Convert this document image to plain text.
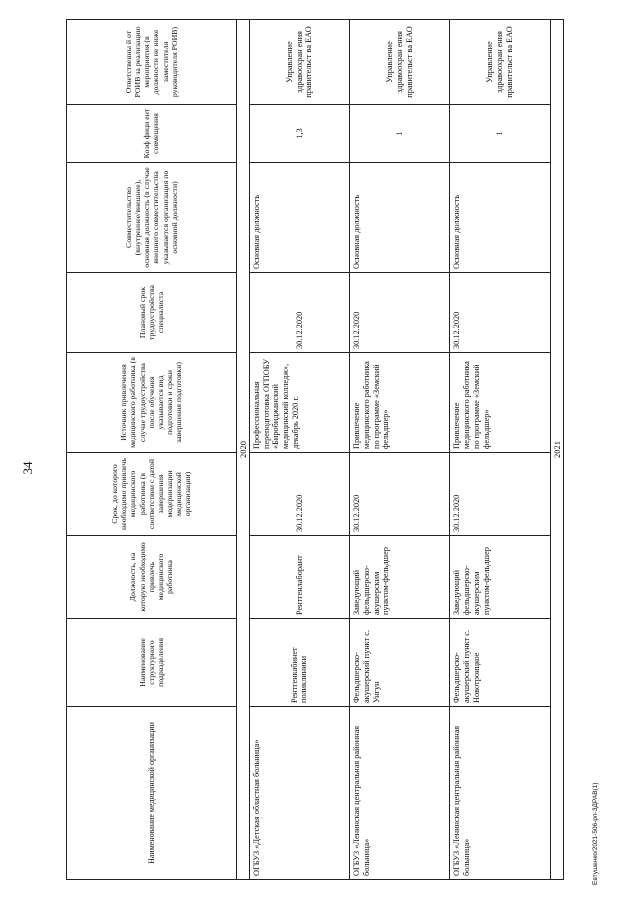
34
Наименование медицинской организации	Наименование структурного подразделения	Должность, на которую необходимо привлечь медицинского работника	Срок, до которого необходимо привлечь медицинского работника (в соответствии с датой завершения модернизации медицинской организации)	Источник привлечения медицинского работника (в случае трудоустройства после обучения указывается вид подготовки и сроки завершения подготовки)	Плановый срок трудоустройства специалиста	Совместительство (внутреннее/внешнее), основная должность (в случае внешнего совместительства указывается организация по основной должности)	Коэф фици ент совмещения	Ответственны й от РОИВ за реализацию мероприятия (в должности не ниже заместителя руководителя РОИВ)
2020								
ОГБУЗ «Детская областная больница»	Рентгенкабинет поликлиники	Рентгенлаборант	30.12.2020	Профессиональная переподготовка ОГПОБУ «Биробиджанский медицинский колледж», декабрь 2020 г.	30.12.2020	Основная должность	1,3	Управление здравоохран ения правительст ва ЕАО
ОГБУЗ «Ленинская центральная районная больница»	Фельдшерско-акушерский пункт с. Унгун	Заведующий фельдшерско-акушерским пунктом-фельдшер	30.12.2020	Привлечение медицинского работника по программе «Земский фельдшер»	30.12.2020	Основная должность	1	Управление здравоохран ения правительст ва ЕАО
ОГБУЗ «Ленинская центральная районная больница»	Фельдшерско-акушерский пункт с. Новотроицкое	Заведующий фельдшерско-акушерским пунктом-фельдшер	30.12.2020	Привлечение медицинского работника по программе «Земский фельдшер»	30.12.2020	Основная должность	1	Управление здравоохран ения правительст ва ЕАО
2021								
Евтушенко/2021-506-рп-ЗДРАВ(1)
